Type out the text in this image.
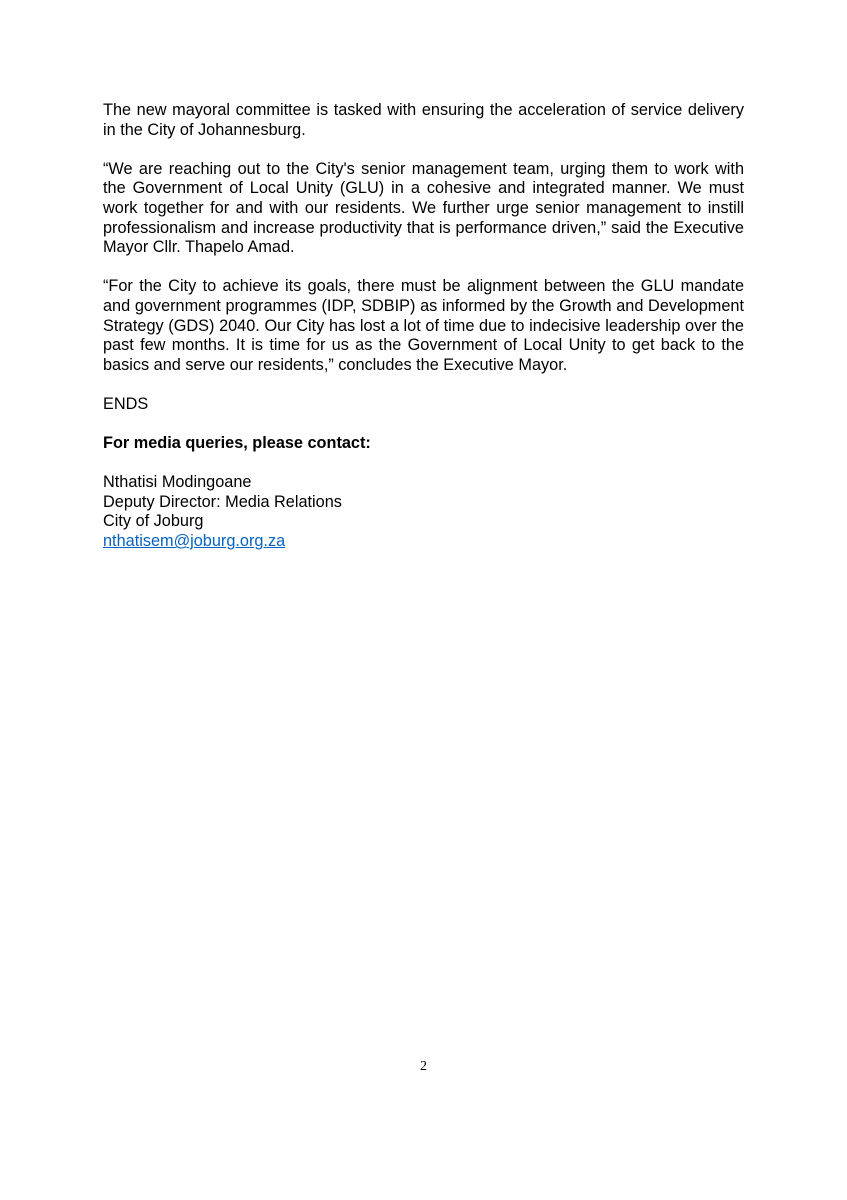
The new mayoral committee is tasked with ensuring the acceleration of service delivery in the City of Johannesburg.

“We are reaching out to the City's senior management team, urging them to work with the Government of Local Unity (GLU) in a cohesive and integrated manner. We must work together for and with our residents. We further urge senior management to instill professionalism and increase productivity that is performance driven,” said the Executive Mayor Cllr. Thapelo Amad.

“For the City to achieve its goals, there must be alignment between the GLU mandate and government programmes (IDP, SDBIP) as informed by the Growth and Development Strategy (GDS) 2040. Our City has lost a lot of time due to indecisive leadership over the past few months. It is time for us as the Government of Local Unity to get back to the basics and serve our residents,” concludes the Executive Mayor.

ENDS

For media queries, please contact:

Nthatisi Modingoane
Deputy Director: Media Relations
City of Joburg
nthatisem@joburg.org.za
2
